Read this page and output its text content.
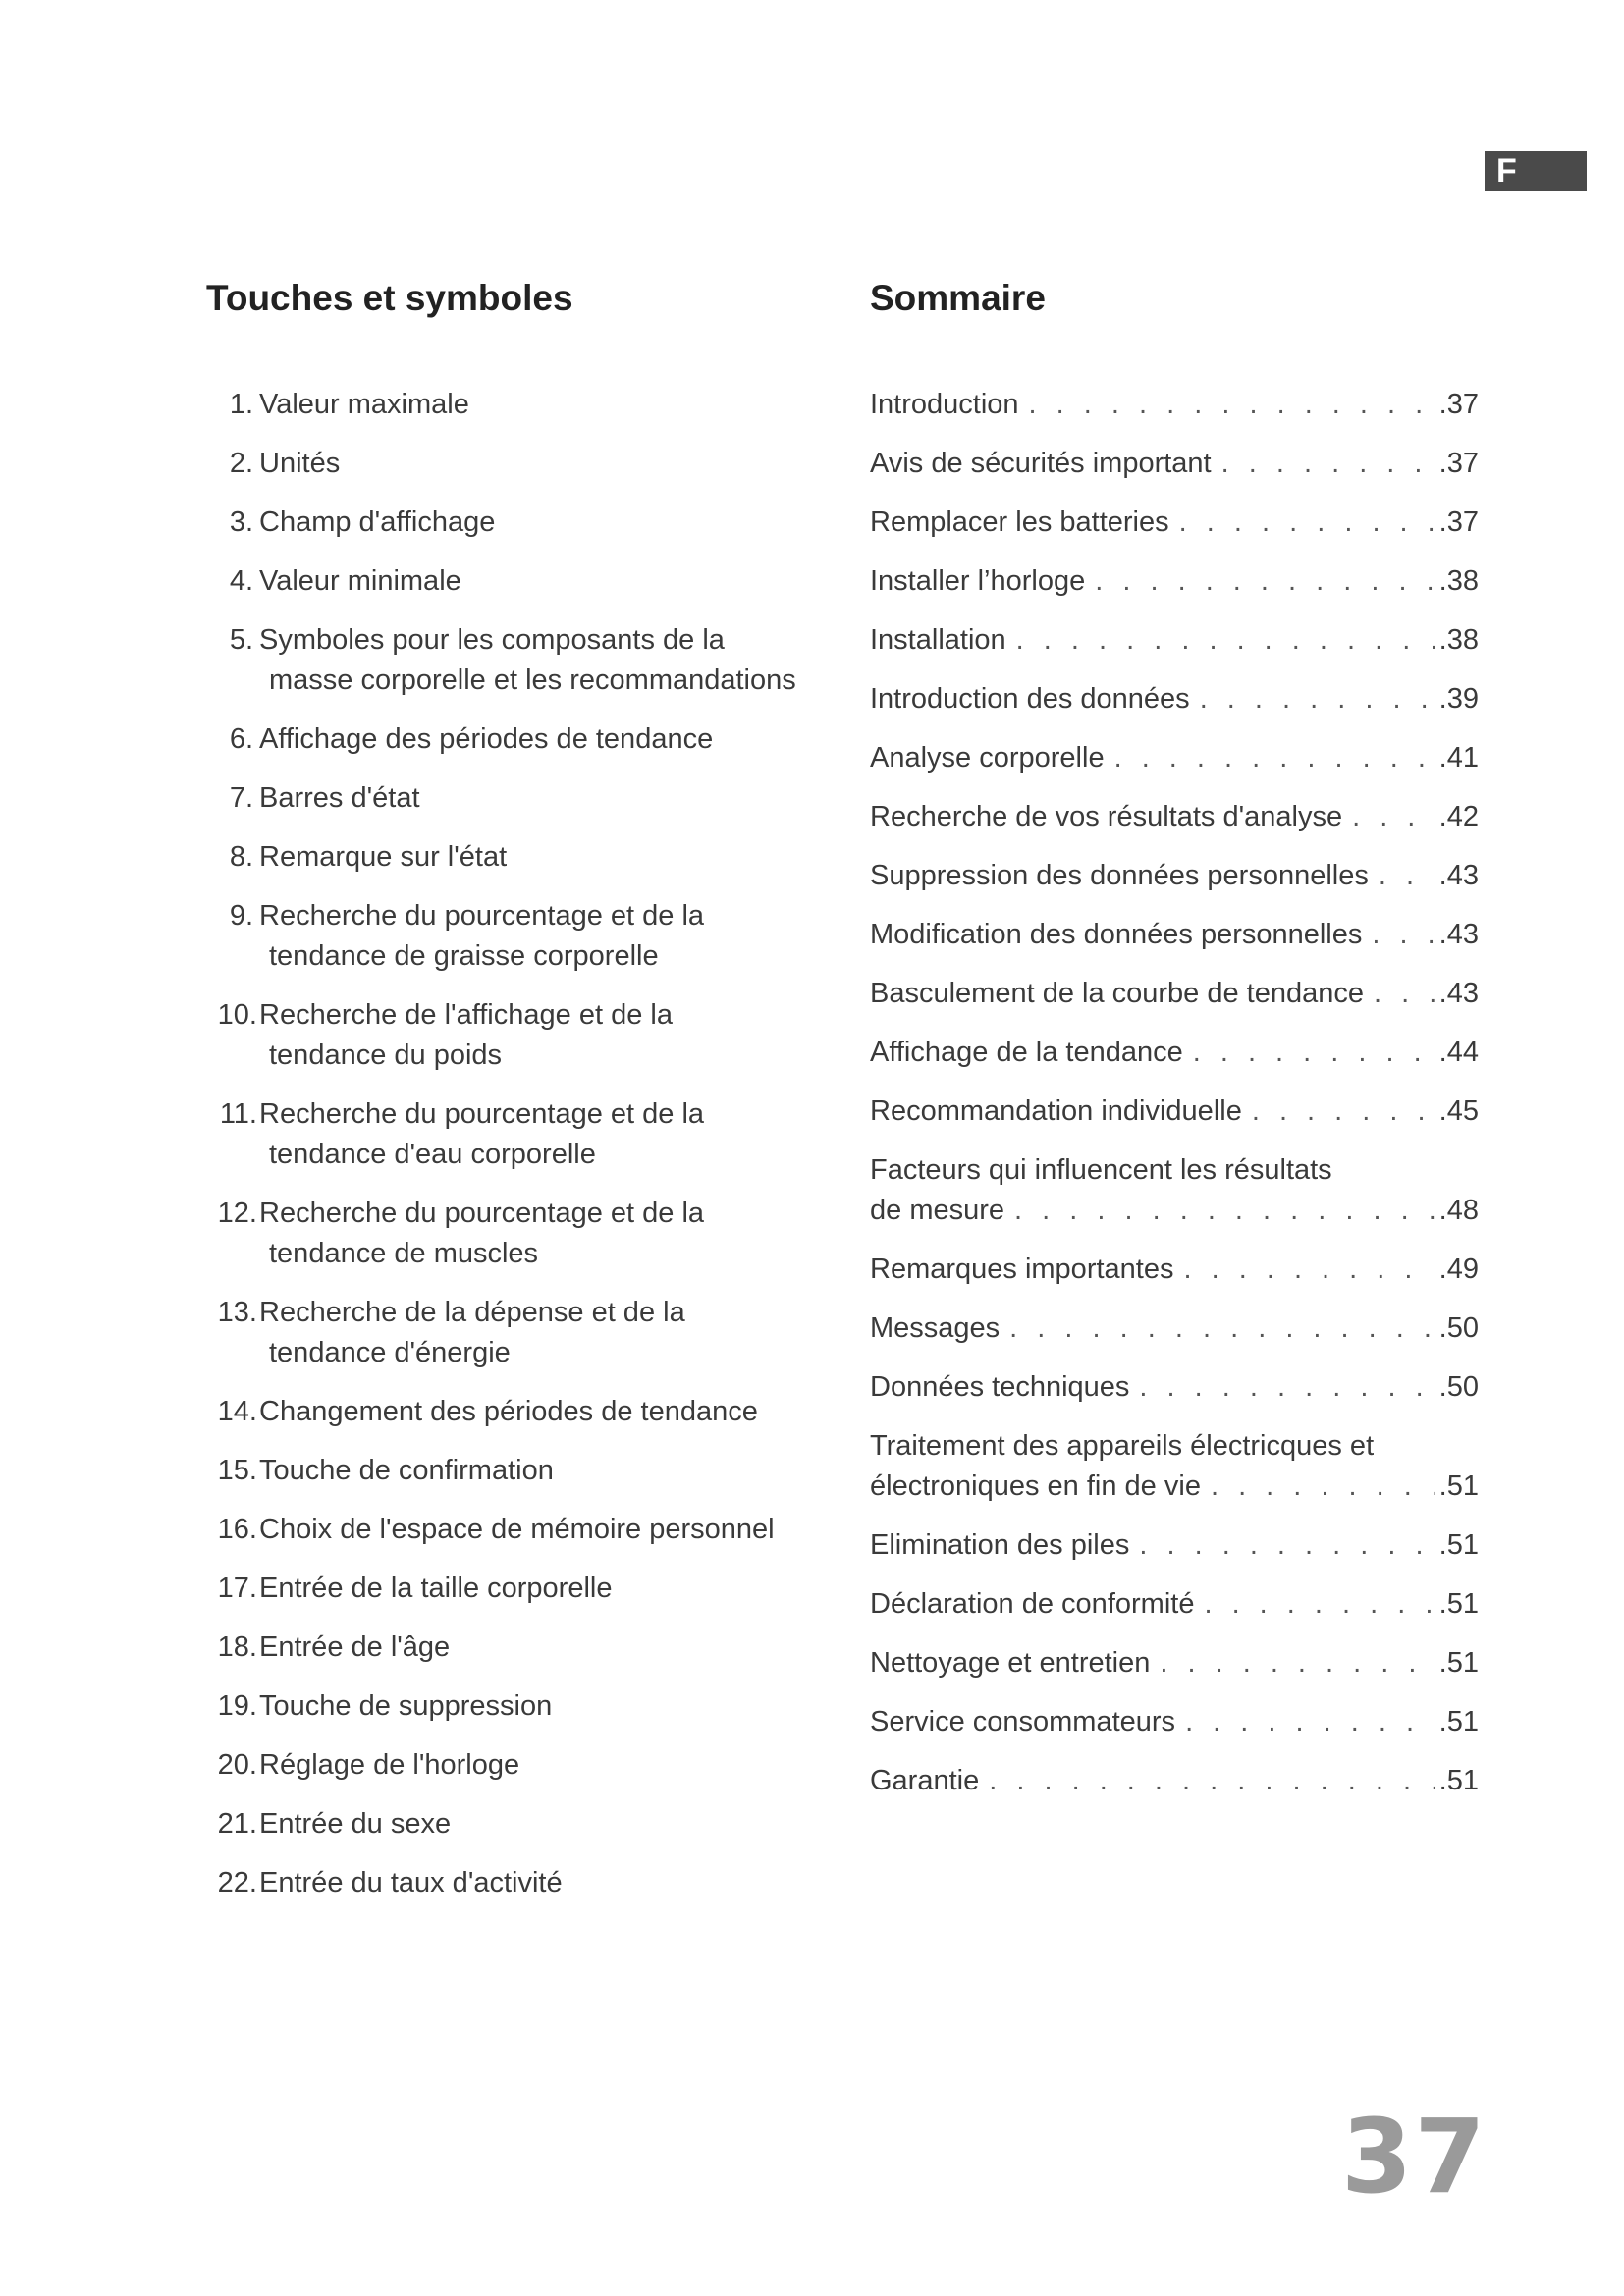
F
Touches et symboles
1. Valeur maximale
2. Unités
3. Champ d'affichage
4. Valeur minimale
5. Symboles pour les composants de la
masse corporelle et les recommandations
6. Affichage des périodes de tendance
7. Barres d'état
8. Remarque sur l'état
9. Recherche du pourcentage et de la
tendance de graisse corporelle
10. Recherche de l'affichage et de la
tendance du poids
11. Recherche du pourcentage et de la
tendance d'eau corporelle
12. Recherche du pourcentage et de la
tendance de muscles
13. Recherche de la dépense et de la
tendance d'énergie
14. Changement des périodes de tendance
15. Touche de confirmation
16. Choix de l'espace de mémoire personnel
17. Entrée de la taille corporelle
18. Entrée de l'âge
19. Touche de suppression
20. Réglage de l'horloge
21. Entrée du sexe
22. Entrée du taux d'activité
Sommaire
Introduction . . .	.37
Avis de sécurités important . . .	.37
Remplacer les batteries . . .	.37
Installer l’horloge . . .	.38
Installation . . .	.38
Introduction des données . . .	.39
Analyse corporelle . . .	.41
Recherche de vos résultats d'analyse . . .	.42
Suppression des données personnelles . . . .43
Modification des données personnelles . . .	.43
Basculement de la courbe de tendance . . .	.43
Affichage de la tendance . . .	.44
Recommandation individuelle . . .	.45
Facteurs qui influencent les résultats
de mesure . . .	.48
Remarques importantes . . .	.49
Messages . . .	.50
Données techniques . . .	.50
Traitement des appareils électricques et
électroniques en fin de vie . . .	.51
Elimination des piles . . .	.51
Déclaration de conformité . . .	.51
Nettoyage et entretien . . .	.51
Service consommateurs . . .	.51
Garantie . . .	.51
37
